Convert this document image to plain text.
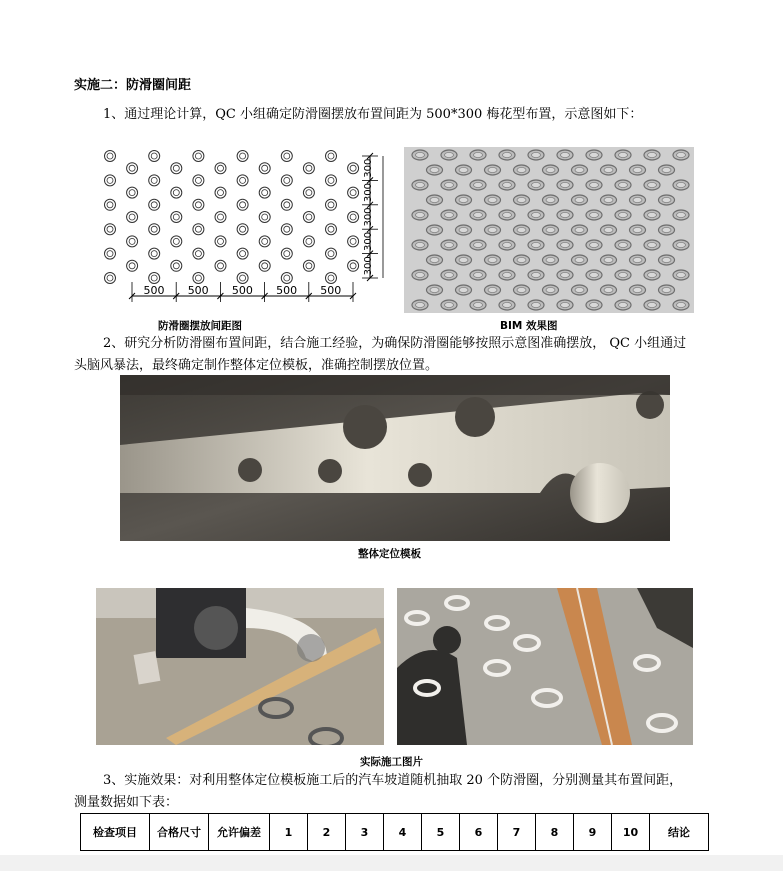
实施二：防滑圈间距
1、通过理论计算，QC 小组确定防滑圈摆放布置间距为 500*300 梅花型布置，示意图如下：
500 500 500 500 500
300
300
300
300
300
防滑圈摆放间距图	BIM 效果图
2、研究分析防滑圈布置间距，结合施工经验，为确保防滑圈能够按照示意图准确摆放， QC 小组通过
头脑风暴法，最终确定制作整体定位模板，准确控制摆放位置。
整体定位模板
实际施工图片
3、实施效果：对利用整体定位模板施工后的汽车坡道随机抽取 20 个防滑圈，分别测量其布置间距，
测量数据如下表：
检查项目	合格尺寸	允许偏差	1	2	3	4	5	6	7	8	9	10	结论
